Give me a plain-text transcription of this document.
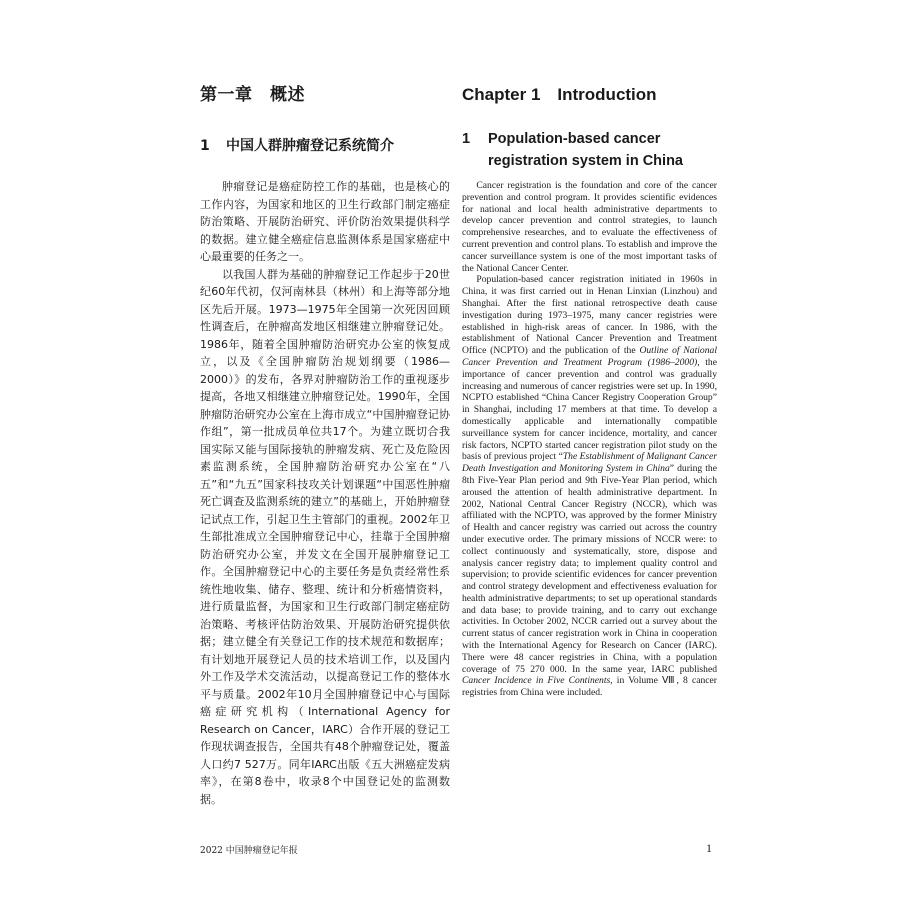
第一章　概述
1 中国人群肿瘤登记系统简介

肿瘤登记是癌症防控工作的基础，也是核心的工作内容，为国家和地区的卫生行政部门制定癌症防治策略、开展防治研究、评价防治效果提供科学的数据。建立健全癌症信息监测体系是国家癌症中心最重要的任务之一。

以我国人群为基础的肿瘤登记工作起步于20世纪60年代初，仅河南林县（林州）和上海等部分地区先后开展。1973—1975年全国第一次死因回顾性调查后，在肿瘤高发地区相继建立肿瘤登记处。1986年，随着全国肿瘤防治研究办公室的恢复成立，以及《全国肿瘤防治规划纲要（1986—2000）》的发布，各界对肿瘤防治工作的重视逐步提高，各地又相继建立肿瘤登记处。1990年，全国肿瘤防治研究办公室在上海市成立“中国肿瘤登记协作组”，第一批成员单位共17个。为建立既切合我国实际又能与国际接轨的肿瘤发病、死亡及危险因素监测系统，全国肿瘤防治研究办公室在“八五”和“九五”国家科技攻关计划课题“中国恶性肿瘤死亡调查及监测系统的建立”的基础上，开始肿瘤登记试点工作，引起卫生主管部门的重视。2002年卫生部批准成立全国肿瘤登记中心，挂靠于全国肿瘤防治研究办公室，并发文在全国开展肿瘤登记工作。全国肿瘤登记中心的主要任务是负责经常性系统性地收集、储存、整理、统计和分析癌情资料，进行质量监督，为国家和卫生行政部门制定癌症防治策略、考核评估防治效果、开展防治研究提供依据；建立健全有关登记工作的技术规范和数据库；有计划地开展登记人员的技术培训工作，以及国内外工作及学术交流活动，以提高登记工作的整体水平与质量。2002年10月全国肿瘤登记中心与国际癌症研究机构（International Agency for Research on Cancer，IARC）合作开展的登记工作现状调查报告，全国共有48个肿瘤登记处，覆盖人口约7 527万。同年IARC出版《五大洲癌症发病率》，在第8卷中，收录8个中国登记处的监测数据。

Chapter 1　Introduction
1	Population-based cancer registration system in China

Cancer registration is the foundation and core of the cancer prevention and control program. It provides scientific evidences for national and local health administrative departments to develop cancer prevention and control strategies, to launch comprehensive researches, and to evaluate the effectiveness of current prevention and control plans. To establish and improve the cancer surveillance system is one of the most important tasks of the National Cancer Center.

Population-based cancer registration initiated in 1960s in China, it was first carried out in Henan Linxian (Linzhou) and Shanghai. After the first national retrospective death cause investigation during 1973–1975, many cancer registries were established in high-risk areas of cancer. In 1986, with the establishment of National Cancer Prevention and Treatment Office (NCPTO) and the publication of the Outline of National Cancer Prevention and Treatment Program (1986–2000), the importance of cancer prevention and control was gradually increasing and numerous of cancer registries were set up. In 1990, NCPTO established “China Cancer Registry Cooperation Group” in Shanghai, including 17 members at that time. To develop a domestically applicable and internationally compatible surveillance system for cancer incidence, mortality, and cancer risk factors, NCPTO started cancer registration pilot study on the basis of previous project “The Establishment of Malignant Cancer Death Investigation and Monitoring System in China” during the 8th Five-Year Plan period and 9th Five-Year Plan period, which aroused the attention of health administrative department. In 2002, National Central Cancer Registry (NCCR), which was affiliated with the NCPTO, was approved by the former Ministry of Health and cancer registry was carried out across the country under executive order. The primary missions of NCCR were: to collect continuously and systematically, store, dispose and analysis cancer registry data; to implement quality control and supervision; to provide scientific evidences for cancer prevention and control strategy development and effectiveness evaluation for health administrative departments; to set up operational standards and data base; to provide training, and to carry out exchange activities. In October 2002, NCCR carried out a survey about the current status of cancer registration work in China in cooperation with the International Agency for Research on Cancer (IARC). There were 48 cancer registries in China, with a population coverage of 75 270 000. In the same year, IARC published Cancer Incidence in Five Continents, in Volume Ⅷ, 8 cancer registries from China were included.

2022 中国肿瘤登记年报	1
